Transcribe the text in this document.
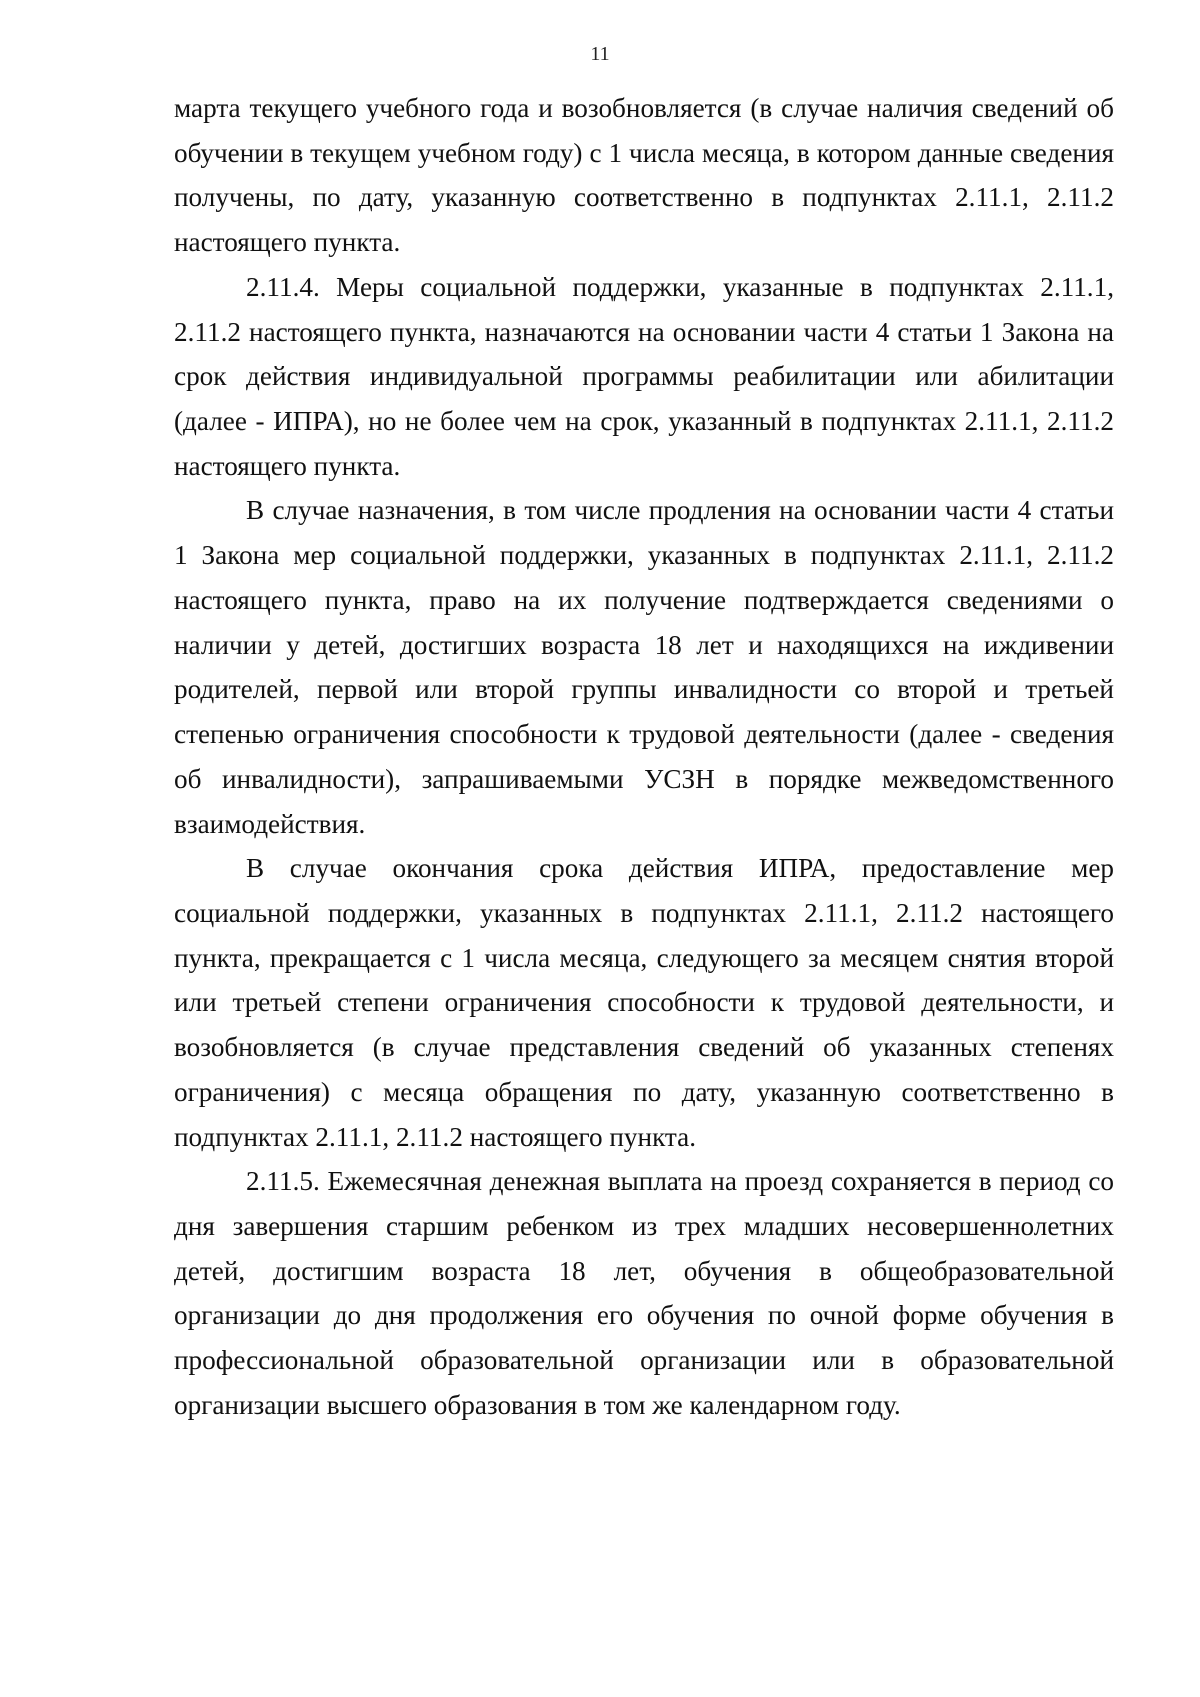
11

марта текущего учебного года и возобновляется (в случае наличия сведений об обучении в текущем учебном году) с 1 числа месяца, в котором данные сведения получены, по дату, указанную соответственно в подпунктах 2.11.1, 2.11.2 настоящего пункта.

2.11.4. Меры социальной поддержки, указанные в подпунктах 2.11.1, 2.11.2 настоящего пункта, назначаются на основании части 4 статьи 1 Закона на срок действия индивидуальной программы реабилитации или абилитации (далее - ИПРА), но не более чем на срок, указанный в подпунктах 2.11.1, 2.11.2 настоящего пункта.

В случае назначения, в том числе продления на основании части 4 статьи 1 Закона мер социальной поддержки, указанных в подпунктах 2.11.1, 2.11.2 настоящего пункта, право на их получение подтверждается сведениями о наличии у детей, достигших возраста 18 лет и находящихся на иждивении родителей, первой или второй группы инвалидности со второй и третьей степенью ограничения способности к трудовой деятельности (далее - сведения об инвалидности), запрашиваемыми УСЗН в порядке межведомственного взаимодействия.

В случае окончания срока действия ИПРА, предоставление мер социальной поддержки, указанных в подпунктах 2.11.1, 2.11.2 настоящего пункта, прекращается с 1 числа месяца, следующего за месяцем снятия второй или третьей степени ограничения способности к трудовой деятельности, и возобновляется (в случае представления сведений об указанных степенях ограничения) с месяца обращения по дату, указанную соответственно в подпунктах 2.11.1, 2.11.2 настоящего пункта.

2.11.5. Ежемесячная денежная выплата на проезд сохраняется в период со дня завершения старшим ребенком из трех младших несовершеннолетних детей, достигшим возраста 18 лет, обучения в общеобразовательной организации до дня продолжения его обучения по очной форме обучения в профессиональной образовательной организации или в образовательной организации высшего образования в том же календарном году.
